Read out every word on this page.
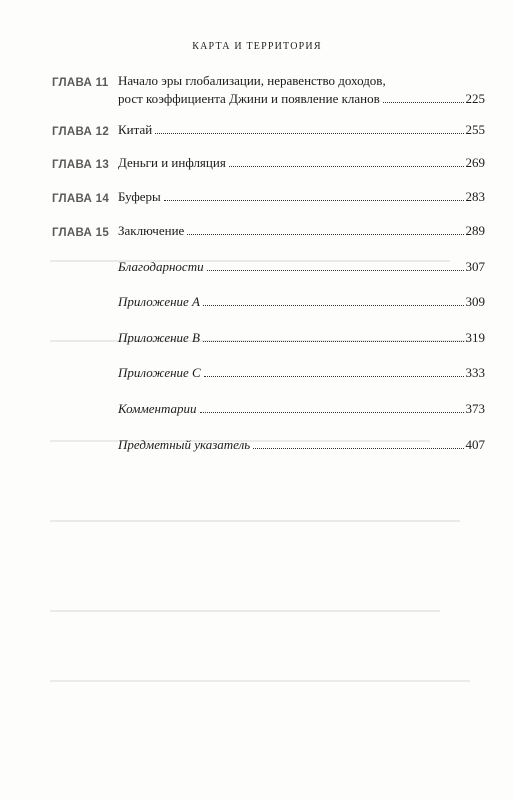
КАРТА И ТЕРРИТОРИЯ
ГЛАВА 11 Начало эры глобализации, неравенство доходов,
рост коэффициента Джини и появление кланов	225
ГЛАВА 12 Китай	255
ГЛАВА 13 Деньги и инфляция	269
ГЛАВА 14 Буферы	283
ГЛАВА 15 Заключение	289
Благодарности	307
Приложение A	309
Приложение B	319
Приложение C	333
Комментарии	373
Предметный указатель	407
